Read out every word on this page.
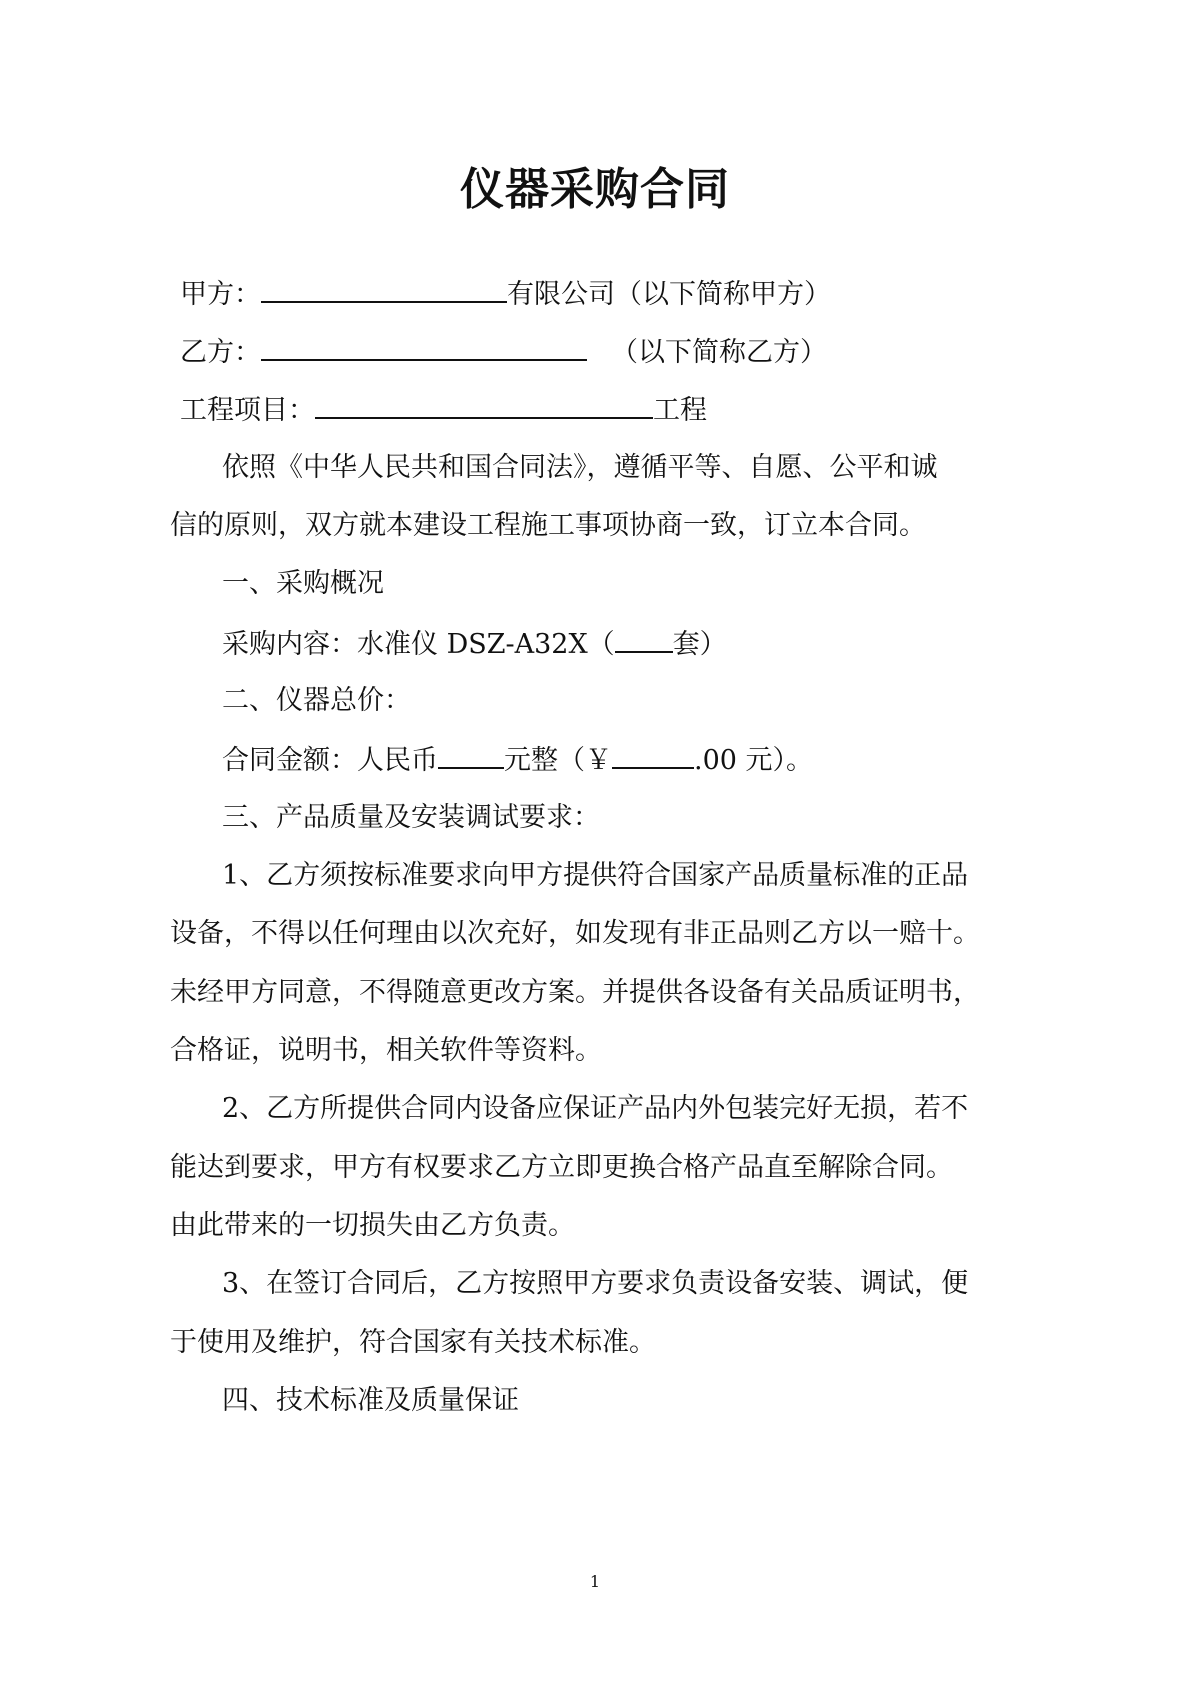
仪器采购合同
甲方：	有限公司（以下简称甲方）
乙方：	（以下简称乙方）
工程项目：	工程
依照《中华人民共和国合同法》，遵循平等、自愿、公平和诚
信的原则，双方就本建设工程施工事项协商一致，订立本合同。
一、采购概况
采购内容：水准仪 DSZ-A32X（ 套）
二、仪器总价：
合同金额：人民币 元整（￥	.00 元）。
三、产品质量及安装调试要求：
1、乙方须按标准要求向甲方提供符合国家产品质量标准的正品
设备，不得以任何理由以次充好，如发现有非正品则乙方以一赔十。
未经甲方同意，不得随意更改方案。并提供各设备有关品质证明书，
合格证，说明书，相关软件等资料。
2、乙方所提供合同内设备应保证产品内外包装完好无损，若不
能达到要求，甲方有权要求乙方立即更换合格产品直至解除合同。
由此带来的一切损失由乙方负责。
3、在签订合同后，乙方按照甲方要求负责设备安装、调试，便
于使用及维护，符合国家有关技术标准。
四、技术标准及质量保证
1
